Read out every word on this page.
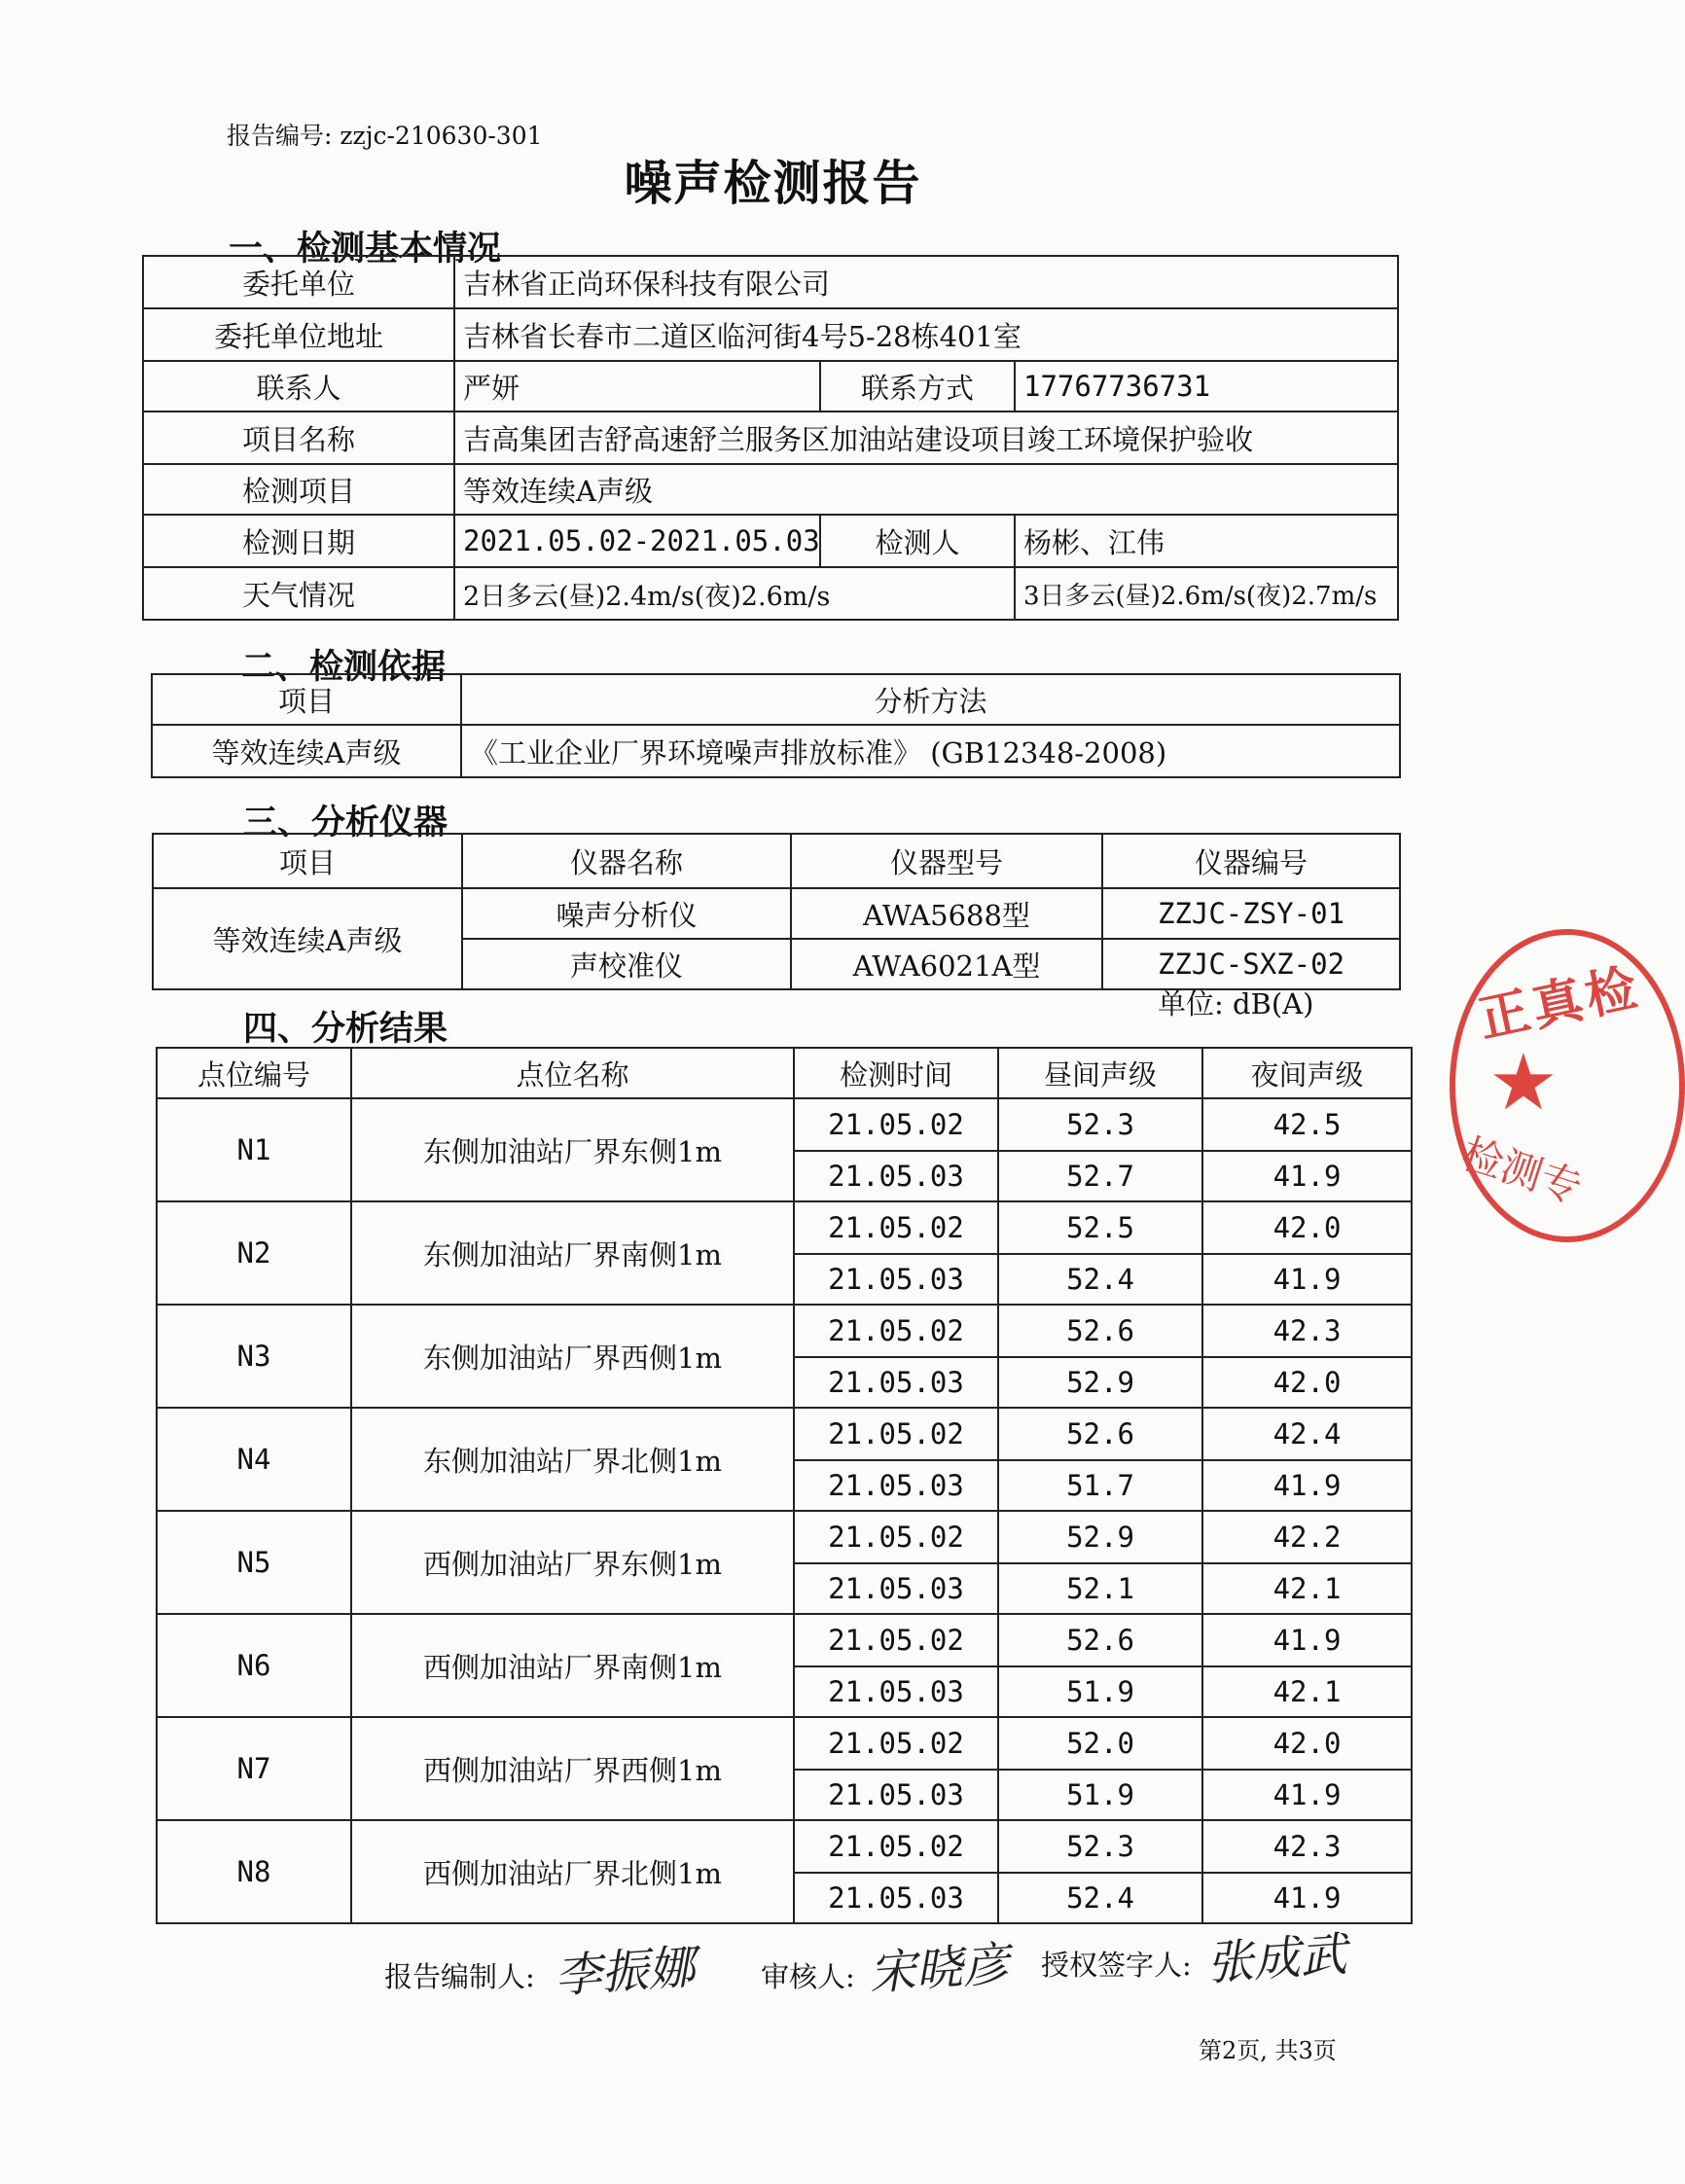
报告编号: zzjc-210630-301
噪声检测报告
一、检测基本情况
委托单位	吉林省正尚环保科技有限公司		
委托单位地址	吉林省长春市二道区临河街4号5-28栋401室		
联系人	严妍	联系方式	17767736731
项目名称	吉高集团吉舒高速舒兰服务区加油站建设项目竣工环境保护验收		
检测项目	等效连续A声级		
检测日期	2021.05.02-2021.05.03	检测人	杨彬、江伟
天气情况	2日多云(昼)2.4m/s(夜)2.6m/s		3日多云(昼)2.6m/s(夜)2.7m/s
二、检测依据
项目	分析方法
等效连续A声级	《工业企业厂界环境噪声排放标准》 (GB12348-2008)
三、分析仪器
项目	仪器名称	仪器型号	仪器编号
等效连续A声级	噪声分析仪	AWA5688型	ZZJC-ZSY-01
	声校准仪	AWA6021A型	ZZJC-SXZ-02
单位: dB(A)
四、分析结果
点位编号	点位名称	检测时间	昼间声级	夜间声级
N1	东侧加油站厂界东侧1m	21.05.02	52.3	42.5
		21.05.03	52.7	41.9
N2	东侧加油站厂界南侧1m	21.05.02	52.5	42.0
		21.05.03	52.4	41.9
N3	东侧加油站厂界西侧1m	21.05.02	52.6	42.3
		21.05.03	52.9	42.0
N4	东侧加油站厂界北侧1m	21.05.02	52.6	42.4
		21.05.03	51.7	41.9
N5	西侧加油站厂界东侧1m	21.05.02	52.9	42.2
		21.05.03	52.1	42.1
N6	西侧加油站厂界南侧1m	21.05.02	52.6	41.9
		21.05.03	51.9	42.1
N7	西侧加油站厂界西侧1m	21.05.02	52.0	42.0
		21.05.03	51.9	41.9
N8	西侧加油站厂界北侧1m	21.05.02	52.3	42.3
		21.05.03	52.4	41.9
报告编制人: 李振娜 审核人: 宋晓彦 授权签字人: 张成武
第2页, 共3页
正真检
★
检测专
